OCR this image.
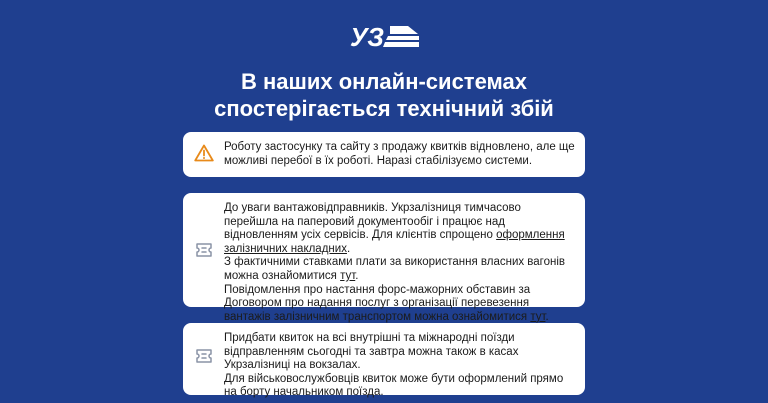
УЗ
В наших онлайн-системах
спостерігається технічний збій
Роботу застосунку та сайту з продажу квитків відновлено, але ще можливі перебої в їх роботі. Наразі стабілізуємо системи.
До уваги вантажовідправників. Укрзалізниця тимчасово перейшла на паперовий документообіг і працює над відновленням усіх сервісів. Для клієнтів спрощено оформлення залізничних накладних.
З фактичними ставками плати за використання власних вагонів можна ознайомитися тут.
Повідомлення про настання форс-мажорних обставин за Договором про надання послуг з організації перевезення вантажів залізничним транспортом можна ознайомитися тут.
Придбати квиток на всі внутрішні та міжнародні поїзди відправленням сьогодні та завтра можна також в касах Укрзалізниці на вокзалах.
Для військовослужбовців квиток може бути оформлений прямо на борту начальником поїзда.
